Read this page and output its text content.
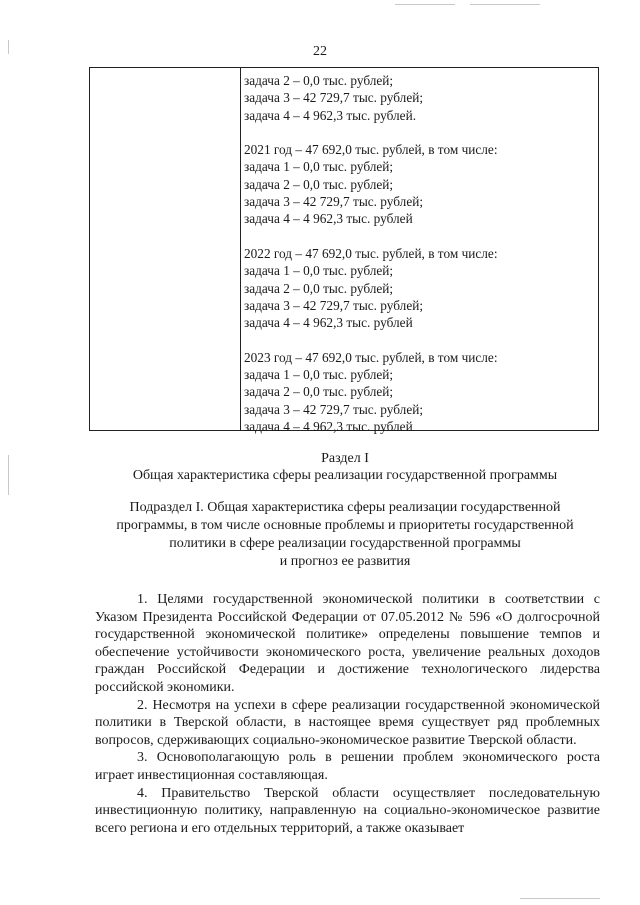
22
задача 2 – 0,0 тыс. рублей;
задача 3 – 42 729,7 тыс. рублей;
задача 4 – 4 962,3 тыс. рублей.
2021 год – 47 692,0 тыс. рублей, в том числе:
задача 1 – 0,0 тыс. рублей;
задача 2 – 0,0 тыс. рублей;
задача 3 – 42 729,7 тыс. рублей;
задача 4 – 4 962,3 тыс. рублей
2022 год – 47 692,0 тыс. рублей, в том числе:
задача 1 – 0,0 тыс. рублей;
задача 2 – 0,0 тыс. рублей;
задача 3 – 42 729,7 тыс. рублей;
задача 4 – 4 962,3 тыс. рублей
2023 год – 47 692,0 тыс. рублей, в том числе:
задача 1 – 0,0 тыс. рублей;
задача 2 – 0,0 тыс. рублей;
задача 3 – 42 729,7 тыс. рублей;
задача 4 – 4 962,3 тыс. рублей
Раздел I
Общая характеристика сферы реализации государственной программы
Подраздел I. Общая характеристика сферы реализации государственной программы, в том числе основные проблемы и приоритеты государственной политики в сфере реализации государственной программы
и прогноз ее развития

1. Целями государственной экономической политики в соответствии с Указом Президента Российской Федерации от 07.05.2012 № 596 «О долгосрочной государственной экономической политике» определены повышение темпов и обеспечение устойчивости экономического роста, увеличение реальных доходов граждан Российской Федерации и достижение технологического лидерства российской экономики.

2. Несмотря на успехи в сфере реализации государственной экономической политики в Тверской области, в настоящее время существует ряд проблемных вопросов, сдерживающих социально-экономическое развитие Тверской области.

3. Основополагающую роль в решении проблем экономического роста играет инвестиционная составляющая.

4. Правительство Тверской области осуществляет последовательную инвестиционную политику, направленную на социально-экономическое развитие всего региона и его отдельных территорий, а также оказывает
